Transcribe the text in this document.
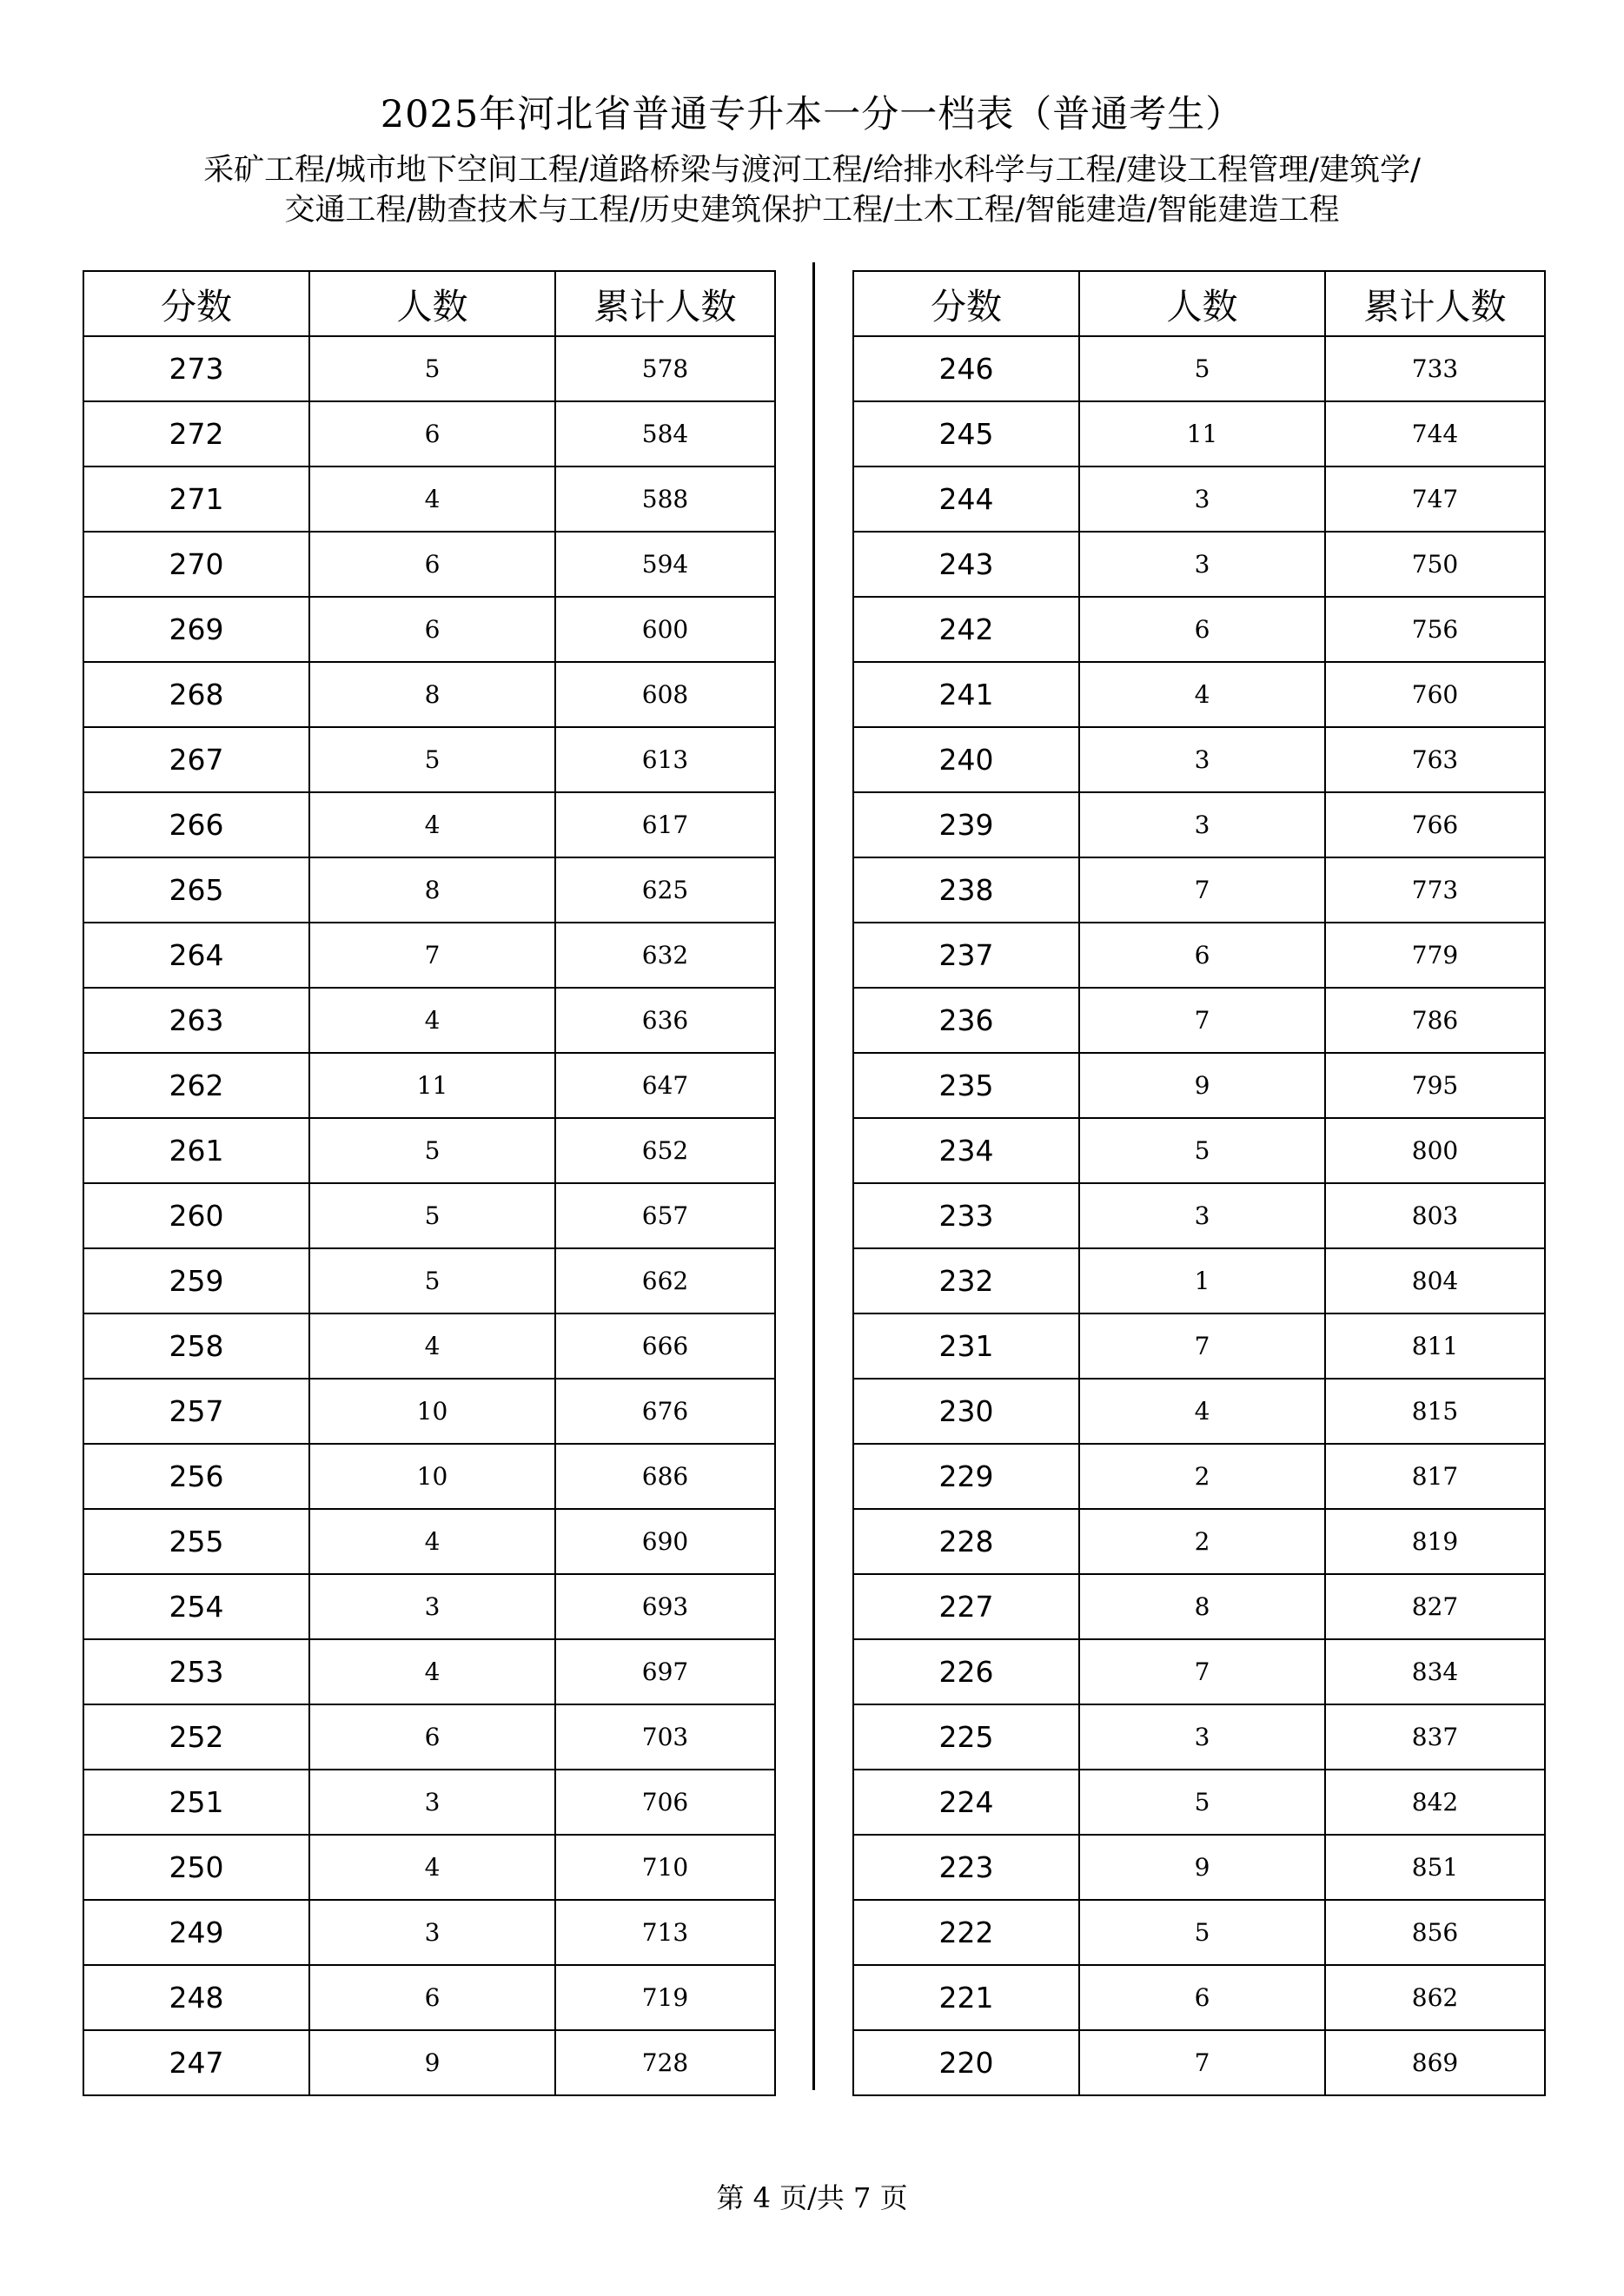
2025年河北省普通专升本一分一档表（普通考生）
采矿工程/城市地下空间工程/道路桥梁与渡河工程/给排水科学与工程/建设工程管理/建筑学/
交通工程/勘查技术与工程/历史建筑保护工程/土木工程/智能建造/智能建造工程
分数	人数	累计人数
273	5	578
272	6	584
271	4	588
270	6	594
269	6	600
268	8	608
267	5	613
266	4	617
265	8	625
264	7	632
263	4	636
262	11	647
261	5	652
260	5	657
259	5	662
258	4	666
257	10	676
256	10	686
255	4	690
254	3	693
253	4	697
252	6	703
251	3	706
250	4	710
249	3	713
248	6	719
247	9	728
分数	人数	累计人数
246	5	733
245	11	744
244	3	747
243	3	750
242	6	756
241	4	760
240	3	763
239	3	766
238	7	773
237	6	779
236	7	786
235	9	795
234	5	800
233	3	803
232	1	804
231	7	811
230	4	815
229	2	817
228	2	819
227	8	827
226	7	834
225	3	837
224	5	842
223	9	851
222	5	856
221	6	862
220	7	869
第 4 页/共 7 页
